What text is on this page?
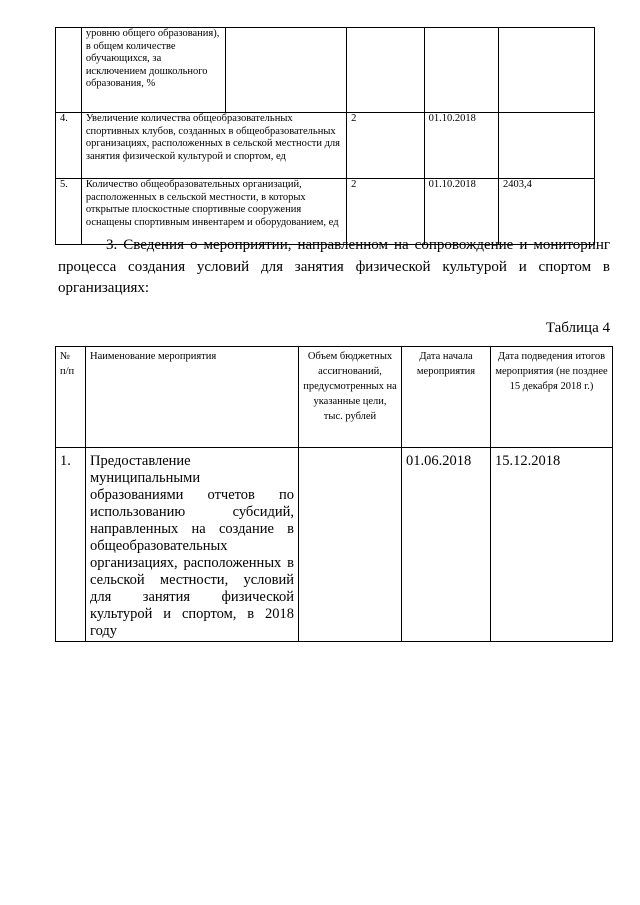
	уровню общего образования), в общем количестве обучающихся, за исключением дошкольного образования, %				
4.	Увеличение количества общеобразовательных спортивных клубов, созданных в общеобразовательных организациях, расположенных в сельской местности для занятия физической культурой и спортом, ед		2	01.10.2018	
5.	Количество общеобразовательных организаций, расположенных в сельской местности, в которых открытые плоскостные спортивные сооружения оснащены спортивным инвентарем и оборудованием, ед		2	01.10.2018	2403,4

3. Сведения о мероприятии, направленном на сопровождение и мониторинг процесса создания условий для занятия физической культурой и спортом в организациях:

Таблица 4
№ п/п	Наименование мероприятия	Объем бюджетных ассигнований, предусмотренных на указанные цели, тыс. рублей	Дата начала мероприятия	Дата подведения итогов мероприятия (не позднее 15 декабря 2018 г.)
1.	Предоставление муниципальными образованиями отчетов по использованию субсидий, направленных на создание в общеобразовательных организациях, расположенных в сельской местности, условий для занятия физической культурой и спортом, в 2018 году		01.06.2018	15.12.2018
